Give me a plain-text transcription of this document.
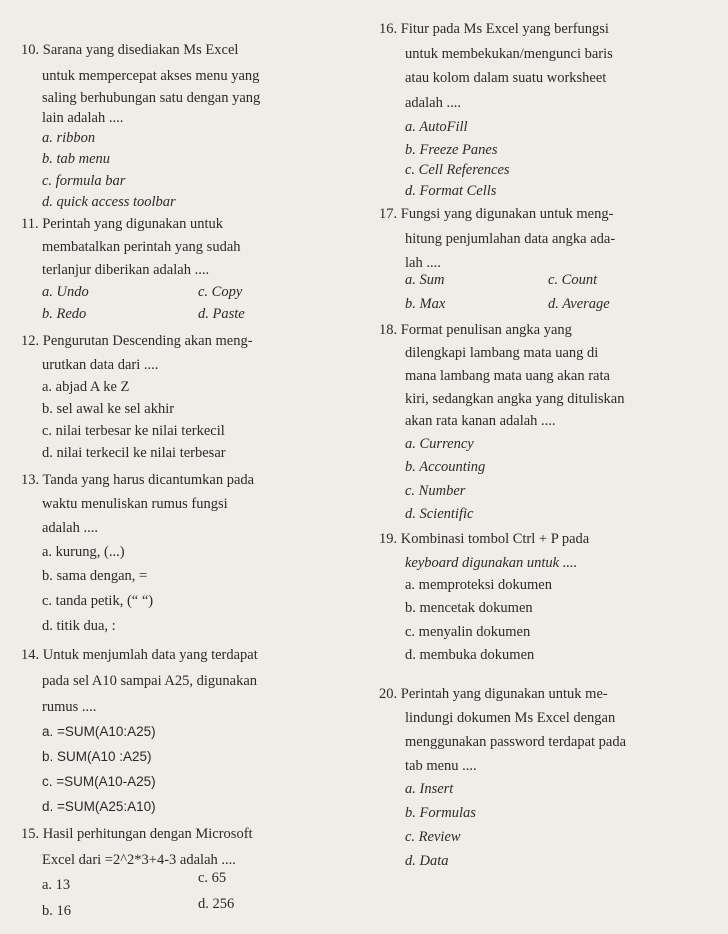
10. Sarana yang disediakan Ms Excel
untuk mempercepat akses menu yang
saling berhubungan satu dengan yang
lain adalah ....
a. ribbon
b. tab menu
c. formula bar
d. quick access toolbar
11. Perintah yang digunakan untuk
membatalkan perintah yang sudah
terlanjur diberikan adalah ....
a. Undo
b. Redo
c. Copy
d. Paste
12. Pengurutan Descending akan meng-
urutkan data dari ....
a. abjad A ke Z
b. sel awal ke sel akhir
c. nilai terbesar ke nilai terkecil
d. nilai terkecil ke nilai terbesar
13. Tanda yang harus dicantumkan pada
waktu menuliskan rumus fungsi
adalah ....
a. kurung, (...)
b. sama dengan, =
c. tanda petik, (“ “)
d. titik dua, :
14. Untuk menjumlah data yang terdapat
pada sel A10 sampai A25, digunakan
rumus ....
a. =SUM(A10:A25)
b. SUM(A10 :A25)
c. =SUM(A10-A25)
d. =SUM(A25:A10)
15. Hasil perhitungan dengan Microsoft
Excel dari =2^2*3+4-3 adalah ....
a. 13
b. 16
c. 65
d. 256
16. Fitur pada Ms Excel yang berfungsi
untuk membekukan/mengunci baris
atau kolom dalam suatu worksheet
adalah ....
a. AutoFill
b. Freeze Panes
c. Cell References
d. Format Cells
17. Fungsi yang digunakan untuk meng-
hitung penjumlahan data angka ada-
lah ....
a. Sum
b. Max
c. Count
d. Average
18. Format penulisan angka yang
dilengkapi lambang mata uang di
mana lambang mata uang akan rata
kiri, sedangkan angka yang dituliskan
akan rata kanan adalah ....
a. Currency
b. Accounting
c. Number
d. Scientific
19. Kombinasi tombol Ctrl + P pada
keyboard digunakan untuk ....
a. memproteksi dokumen
b. mencetak dokumen
c. menyalin dokumen
d. membuka dokumen
20. Perintah yang digunakan untuk me-
lindungi dokumen Ms Excel dengan
menggunakan password terdapat pada
tab menu ....
a. Insert
b. Formulas
c. Review
d. Data
